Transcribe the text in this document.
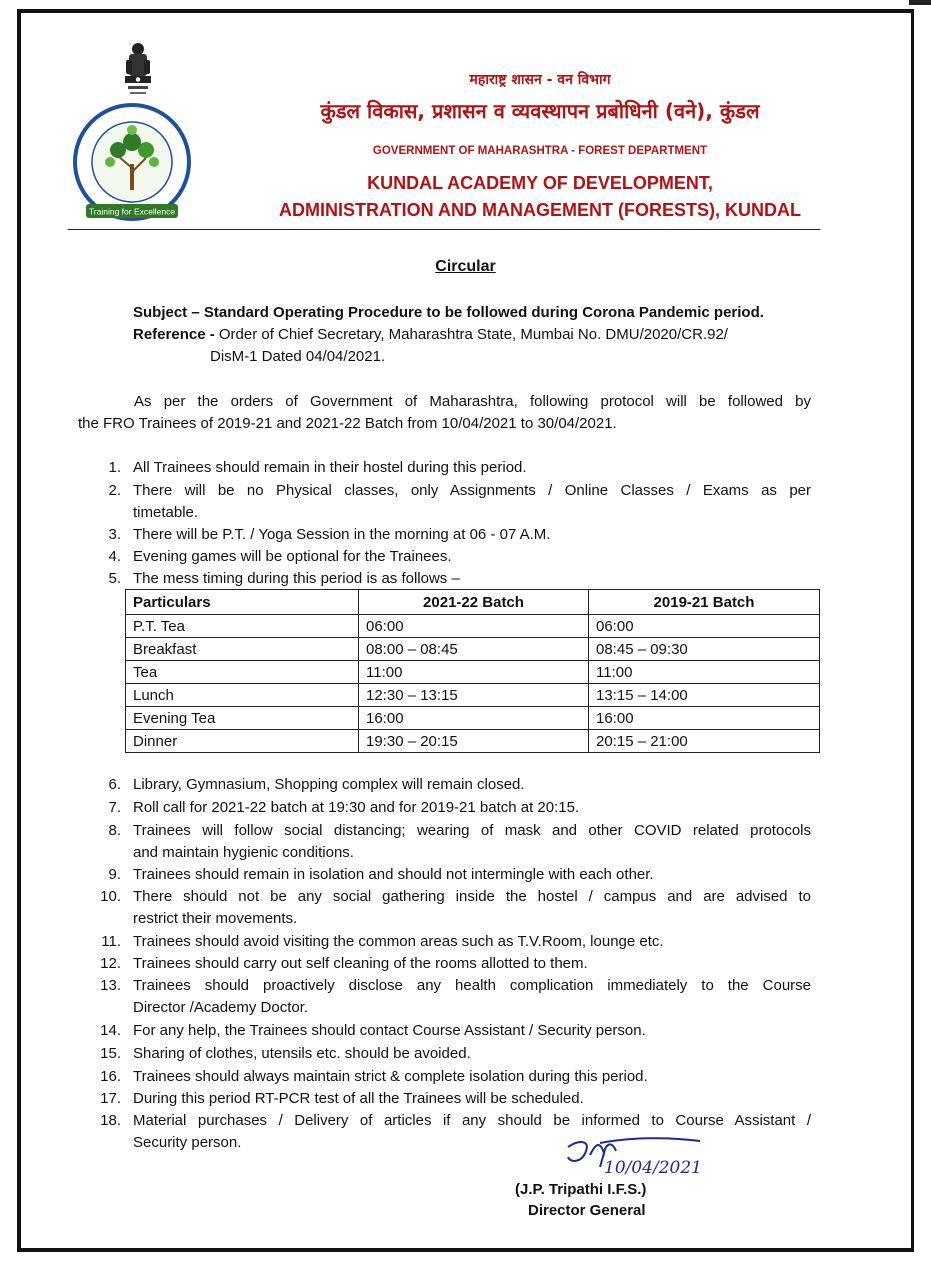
Training for Excellence
महाराष्ट्र शासन - वन विभाग
कुंडल विकास, प्रशासन व व्यवस्थापन प्रबोधिनी (वने), कुंडल
GOVERNMENT OF MAHARASHTRA - FOREST DEPARTMENT
KUNDAL ACADEMY OF DEVELOPMENT,
ADMINISTRATION AND MANAGEMENT (FORESTS), KUNDAL
Circular
Subject – Standard Operating Procedure to be followed during Corona Pandemic period.
Reference - Order of Chief Secretary, Maharashtra State, Mumbai No. DMU/2020/CR.92/
DisM-1 Dated 04/04/2021.
As per the orders of Government of Maharashtra, following protocol will be followed by
the FRO Trainees of 2019-21 and 2021-22 Batch from 10/04/2021 to 30/04/2021.
1. All Trainees should remain in their hostel during this period.
2. There will be no Physical classes, only Assignments / Online Classes / Exams as per
timetable.
3. There will be P.T. / Yoga Session in the morning at 06 - 07 A.M.
4. Evening games will be optional for the Trainees.
5. The mess timing during this period is as follows –
Particulars	2021-22 Batch	2019-21 Batch
P.T. Tea	06:00	06:00
Breakfast	08:00 – 08:45	08:45 – 09:30
Tea	11:00	11:00
Lunch	12:30 – 13:15	13:15 – 14:00
Evening Tea	16:00	16:00
Dinner	19:30 – 20:15	20:15 – 21:00
6. Library, Gymnasium, Shopping complex will remain closed.
7. Roll call for 2021-22 batch at 19:30 and for 2019-21 batch at 20:15.
8. Trainees will follow social distancing; wearing of mask and other COVID related protocols
and maintain hygienic conditions.
9. Trainees should remain in isolation and should not intermingle with each other.
10. There should not be any social gathering inside the hostel / campus and are advised to
restrict their movements.
11. Trainees should avoid visiting the common areas such as T.V.Room, lounge etc.
12. Trainees should carry out self cleaning of the rooms allotted to them.
13. Trainees should proactively disclose any health complication immediately to the Course
Director /Academy Doctor.
14. For any help, the Trainees should contact Course Assistant / Security person.
15. Sharing of clothes, utensils etc. should be avoided.
16. Trainees should always maintain strict & complete isolation during this period.
17. During this period RT-PCR test of all the Trainees will be scheduled.
18. Material purchases / Delivery of articles if any should be informed to Course Assistant /
Security person.
10/04/2021
(J.P. Tripathi I.F.S.)
Director General
